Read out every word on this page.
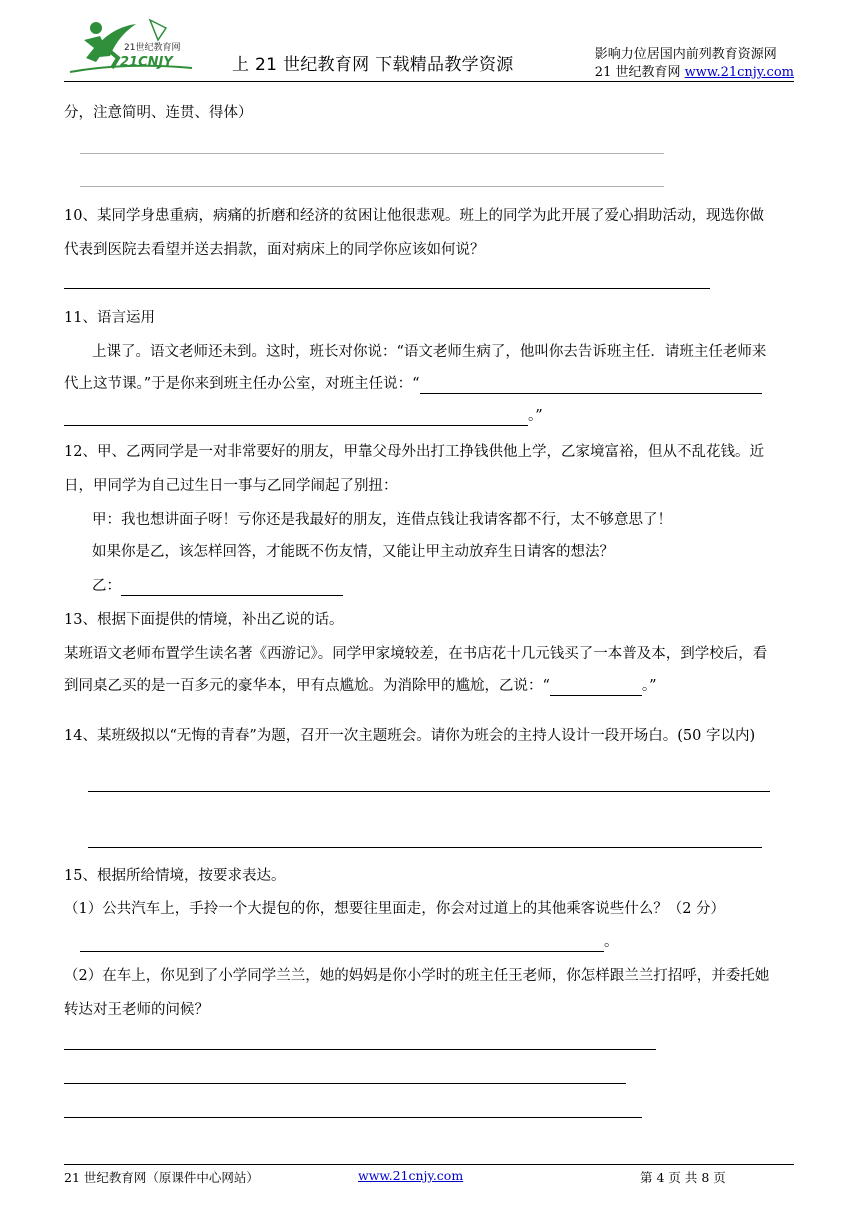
21世纪教育网
21CNJY	上 21 世纪教育网 下载精品教学资源
影响力位居国内前列教育资源网
21 世纪教育网 www.21cnjy.com
分，注意简明、连贯、得体）
10、某同学身患重病，病痛的折磨和经济的贫困让他很悲观。班上的同学为此开展了爱心捐助活动，现选你做
代表到医院去看望并送去捐款，面对病床上的同学你应该如何说？
11、语言运用
上课了。语文老师还未到。这时，班长对你说：“语文老师生病了，他叫你去告诉班主任．请班主任老师来
代上这节课。”于是你来到班主任办公室，对班主任说：“
。”
12、甲、乙两同学是一对非常要好的朋友，甲靠父母外出打工挣钱供他上学，乙家境富裕，但从不乱花钱。近
日，甲同学为自己过生日一事与乙同学闹起了别扭：
甲：我也想讲面子呀！亏你还是我最好的朋友，连借点钱让我请客都不行，太不够意思了！
如果你是乙，该怎样回答，才能既不伤友情，又能让甲主动放弃生日请客的想法？
乙：
13、根据下面提供的情境，补出乙说的话。
某班语文老师布置学生读名著《西游记》。同学甲家境较差，在书店花十几元钱买了一本普及本，到学校后，看
到同桌乙买的是一百多元的豪华本，甲有点尴尬。为消除甲的尴尬，乙说：“	。”
14、某班级拟以“无悔的青春”为题，召开一次主题班会。请你为班会的主持人设计一段开场白。(50 字以内)
15、根据所给情境，按要求表达。
（1）公共汽车上，手拎一个大提包的你，想要往里面走，你会对过道上的其他乘客说些什么？（2 分）
。
（2）在车上，你见到了小学同学兰兰，她的妈妈是你小学时的班主任王老师，你怎样跟兰兰打招呼，并委托她
转达对王老师的问候？
21 世纪教育网（原课件中心网站）	www.21cnjy.com	第 4 页 共 8 页
